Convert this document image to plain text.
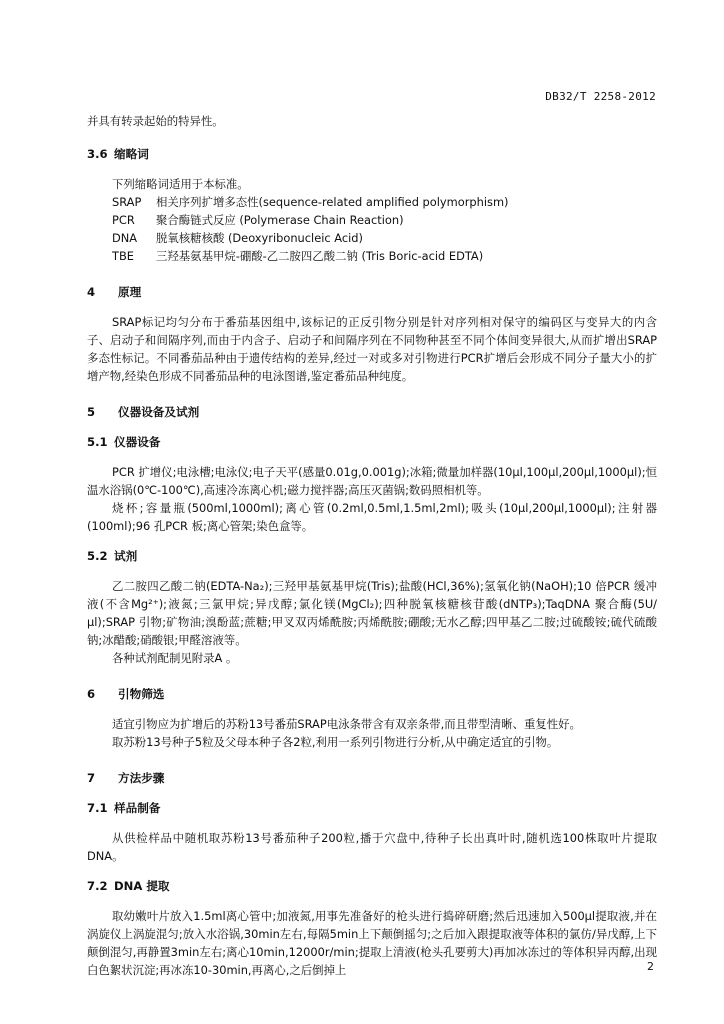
DB32/T 2258-2012

并具有转录起始的特异性。

3.6 缩略词

下列缩略词适用于本标准。

SRAP	相关序列扩增多态性(sequence-related amplified polymorphism)
PCR	聚合酶链式反应 (Polymerase Chain Reaction)
DNA	脱氧核糖核酸 (Deoxyribonucleic Acid)
TBE	三羟基氨基甲烷-硼酸-乙二胺四乙酸二钠 (Tris Boric-acid EDTA)
4 原理

SRAP标记均匀分布于番茄基因组中,该标记的正反引物分别是针对序列相对保守的编码区与变异大的内含子、启动子和间隔序列,而由于内含子、启动子和间隔序列在不同物种甚至不同个体间变异很大,从而扩增出SRAP多态性标记。不同番茄品种由于遗传结构的差异,经过一对或多对引物进行PCR扩增后会形成不同分子量大小的扩增产物,经染色形成不同番茄品种的电泳图谱,鉴定番茄品种纯度。

5 仪器设备及试剂
5.1 仪器设备

PCR 扩增仪;电泳槽;电泳仪;电子天平(感量0.01g,0.001g);冰箱;微量加样器(10μl,100μl,200μl,1000μl);恒温水浴锅(0℃-100℃),高速冷冻离心机;磁力搅拌器;高压灭菌锅;数码照相机等。

烧杯;容量瓶(500ml,1000ml);离心管(0.2ml,0.5ml,1.5ml,2ml);吸头(10μl,200μl,1000μl);注射器(100ml);96 孔PCR 板;离心管架;染色盒等。

5.2 试剂

乙二胺四乙酸二钠(EDTA-Na₂);三羟甲基氨基甲烷(Tris);盐酸(HCl,36%);氢氧化钠(NaOH);10 倍PCR 缓冲液(不含Mg²⁺);液氮;三氯甲烷;异戊醇;氯化镁(MgCl₂);四种脱氧核糖核苷酸(dNTP₃);TaqDNA 聚合酶(5U/μl);SRAP 引物;矿物油;溴酚蓝;蔗糖;甲叉双丙烯酰胺;丙烯酰胺;硼酸;无水乙醇;四甲基乙二胺;过硫酸铵;硫代硫酸钠;冰醋酸;硝酸银;甲醛溶液等。

各种试剂配制见附录A 。

6 引物筛选

适宜引物应为扩增后的苏粉13号番茄SRAP电泳条带含有双亲条带,而且带型清晰、重复性好。

取苏粉13号种子5粒及父母本种子各2粒,利用一系列引物进行分析,从中确定适宜的引物。

7 方法步骤
7.1 样品制备

从供检样品中随机取苏粉13号番茄种子200粒,播于穴盘中,待种子长出真叶时,随机选100株取叶片提取DNA。

7.2 DNA 提取

取幼嫩叶片放入1.5ml离心管中;加液氮,用事先准备好的枪头进行捣碎研磨;然后迅速加入500μl提取液,并在涡旋仪上涡旋混匀;放入水浴锅,30min左右,每隔5min上下颠倒摇匀;之后加入跟提取液等体积的氯仿/异戊醇,上下颠倒混匀,再静置3min左右;离心10min,12000r/min;提取上清液(枪头孔要剪大)再加冰冻过的等体积异丙醇,出现白色絮状沉淀;再冰冻10-30min,再离心,之后倒掉上	2
